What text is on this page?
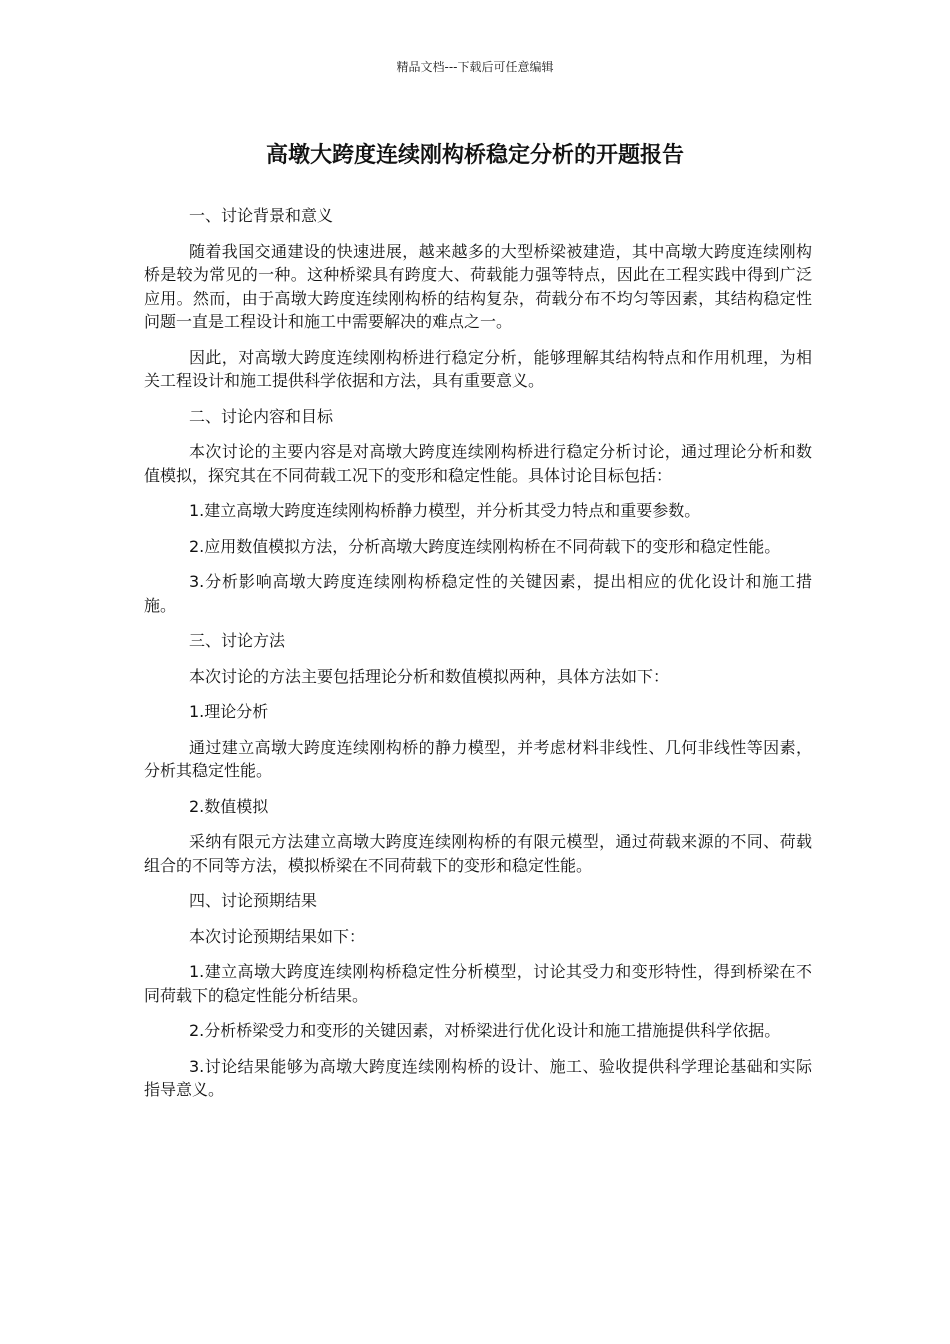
精品文档---下载后可任意编辑
高墩大跨度连续刚构桥稳定分析的开题报告

一、讨论背景和意义

随着我国交通建设的快速进展，越来越多的大型桥梁被建造，其中高墩大跨度连续刚构桥是较为常见的一种。这种桥梁具有跨度大、荷载能力强等特点，因此在工程实践中得到广泛应用。然而，由于高墩大跨度连续刚构桥的结构复杂，荷载分布不均匀等因素，其结构稳定性问题一直是工程设计和施工中需要解决的难点之一。

因此，对高墩大跨度连续刚构桥进行稳定分析，能够理解其结构特点和作用机理，为相关工程设计和施工提供科学依据和方法，具有重要意义。

二、讨论内容和目标

本次讨论的主要内容是对高墩大跨度连续刚构桥进行稳定分析讨论，通过理论分析和数值模拟，探究其在不同荷载工况下的变形和稳定性能。具体讨论目标包括：

1.建立高墩大跨度连续刚构桥静力模型，并分析其受力特点和重要参数。

2.应用数值模拟方法，分析高墩大跨度连续刚构桥在不同荷载下的变形和稳定性能。

3.分析影响高墩大跨度连续刚构桥稳定性的关键因素，提出相应的优化设计和施工措施。

三、讨论方法

本次讨论的方法主要包括理论分析和数值模拟两种，具体方法如下：

1.理论分析

通过建立高墩大跨度连续刚构桥的静力模型，并考虑材料非线性、几何非线性等因素，分析其稳定性能。

2.数值模拟

采纳有限元方法建立高墩大跨度连续刚构桥的有限元模型，通过荷载来源的不同、荷载组合的不同等方法，模拟桥梁在不同荷载下的变形和稳定性能。

四、讨论预期结果

本次讨论预期结果如下：

1.建立高墩大跨度连续刚构桥稳定性分析模型，讨论其受力和变形特性，得到桥梁在不同荷载下的稳定性能分析结果。

2.分析桥梁受力和变形的关键因素，对桥梁进行优化设计和施工措施提供科学依据。

3.讨论结果能够为高墩大跨度连续刚构桥的设计、施工、验收提供科学理论基础和实际指导意义。
